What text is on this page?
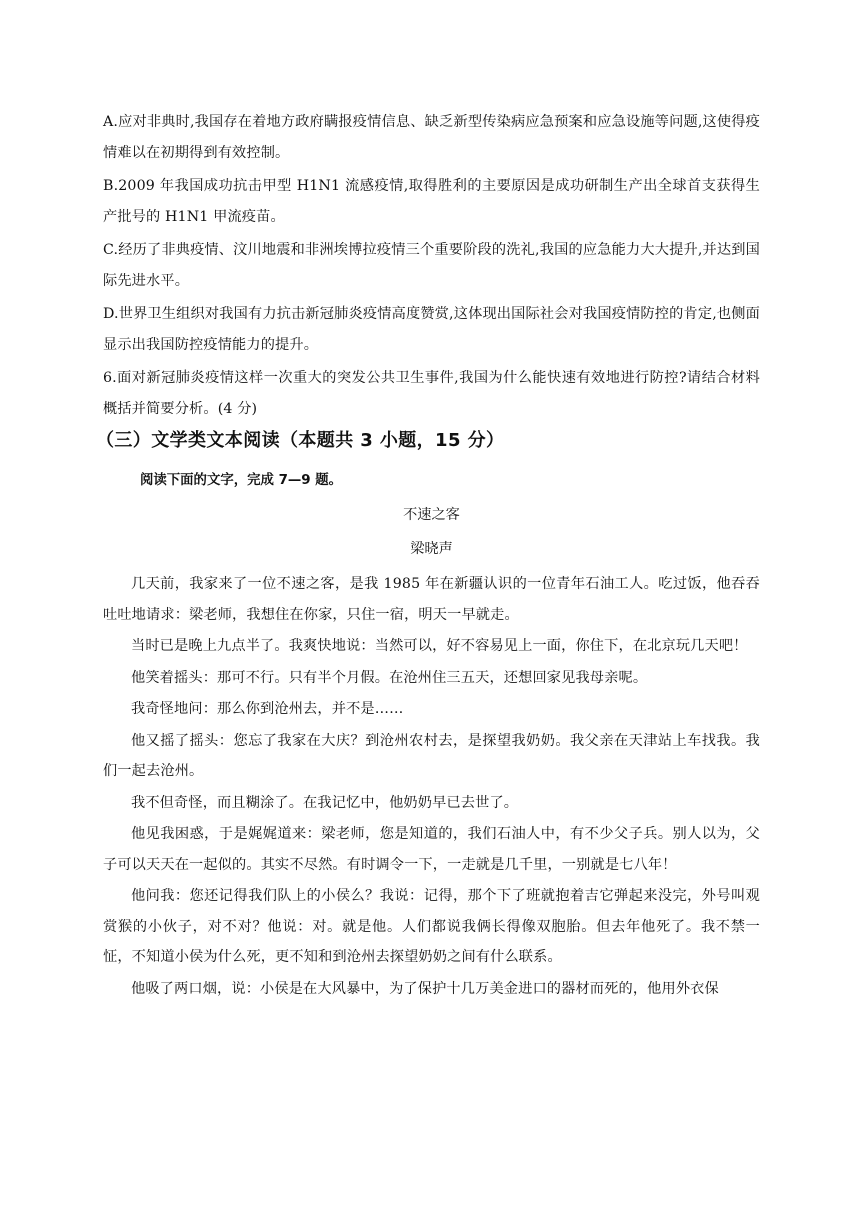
A.应对非典时,我国存在着地方政府瞒报疫情信息、缺乏新型传染病应急预案和应急设施等问题,这使得疫情难以在初期得到有效控制。

B.2009 年我国成功抗击甲型 H1N1 流感疫情,取得胜利的主要原因是成功研制生产出全球首支获得生产批号的 H1N1 甲流疫苗。

C.经历了非典疫情、汶川地震和非洲埃博拉疫情三个重要阶段的洗礼,我国的应急能力大大提升,并达到国际先进水平。

D.世界卫生组织对我国有力抗击新冠肺炎疫情高度赞赏,这体现出国际社会对我国疫情防控的肯定,也侧面显示出我国防控疫情能力的提升。

6.面对新冠肺炎疫情这样一次重大的突发公共卫生事件,我国为什么能快速有效地进行防控?请结合材料概括并简要分析。(4 分)

（三）文学类文本阅读（本题共 3 小题，15 分）
阅读下面的文字，完成 7—9 题。
不速之客
梁晓声

几天前，我家来了一位不速之客，是我 1985 年在新疆认识的一位青年石油工人。吃过饭，他吞吞吐吐地请求：梁老师，我想住在你家，只住一宿，明天一早就走。

当时已是晚上九点半了。我爽快地说：当然可以，好不容易见上一面，你住下，在北京玩几天吧！

他笑着摇头：那可不行。只有半个月假。在沧州住三五天，还想回家见我母亲呢。

我奇怪地问：那么你到沧州去，并不是……

他又摇了摇头：您忘了我家在大庆？到沧州农村去，是探望我奶奶。我父亲在天津站上车找我。我们一起去沧州。

我不但奇怪，而且糊涂了。在我记忆中，他奶奶早已去世了。

他见我困惑，于是娓娓道来：梁老师，您是知道的，我们石油人中，有不少父子兵。别人以为，父子可以天天在一起似的。其实不尽然。有时调令一下，一走就是几千里，一别就是七八年！

他问我：您还记得我们队上的小侯么？我说：记得，那个下了班就抱着吉它弹起来没完，外号叫观赏猴的小伙子，对不对？他说：对。就是他。人们都说我俩长得像双胞胎。但去年他死了。我不禁一怔，不知道小侯为什么死，更不知和到沧州去探望奶奶之间有什么联系。

他吸了两口烟，说：小侯是在大风暴中，为了保护十几万美金进口的器材而死的，他用外衣保
